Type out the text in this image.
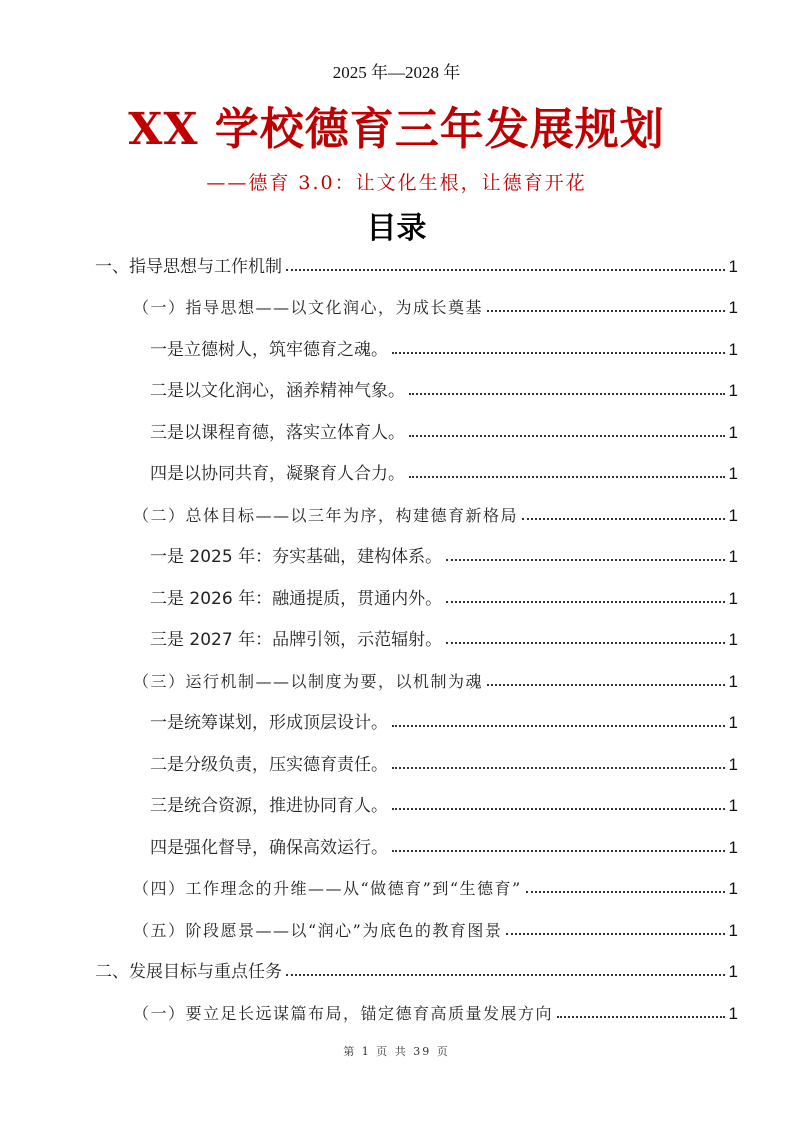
2025 年—2028 年
XX 学校德育三年发展规划
——德育 3.0：让文化生根，让德育开花
目录
一、指导思想与工作机制	1
（一）指导思想——以文化润心，为成长奠基	1
一是立德树人，筑牢德育之魂。	1
二是以文化润心，涵养精神气象。	1
三是以课程育德，落实立体育人。	1
四是以协同共育，凝聚育人合力。	1
（二）总体目标——以三年为序，构建德育新格局	1
一是 2025 年：夯实基础，建构体系。	1
二是 2026 年：融通提质，贯通内外。	1
三是 2027 年：品牌引领，示范辐射。	1
（三）运行机制——以制度为要，以机制为魂	1
一是统筹谋划，形成顶层设计。	1
二是分级负责，压实德育责任。	1
三是统合资源，推进协同育人。	1
四是强化督导，确保高效运行。	1
（四）工作理念的升维——从“做德育”到“生德育”	1
（五）阶段愿景——以“润心”为底色的教育图景	1
二、发展目标与重点任务	1
（一）要立足长远谋篇布局，锚定德育高质量发展方向	1
第 1 页 共 39 页
